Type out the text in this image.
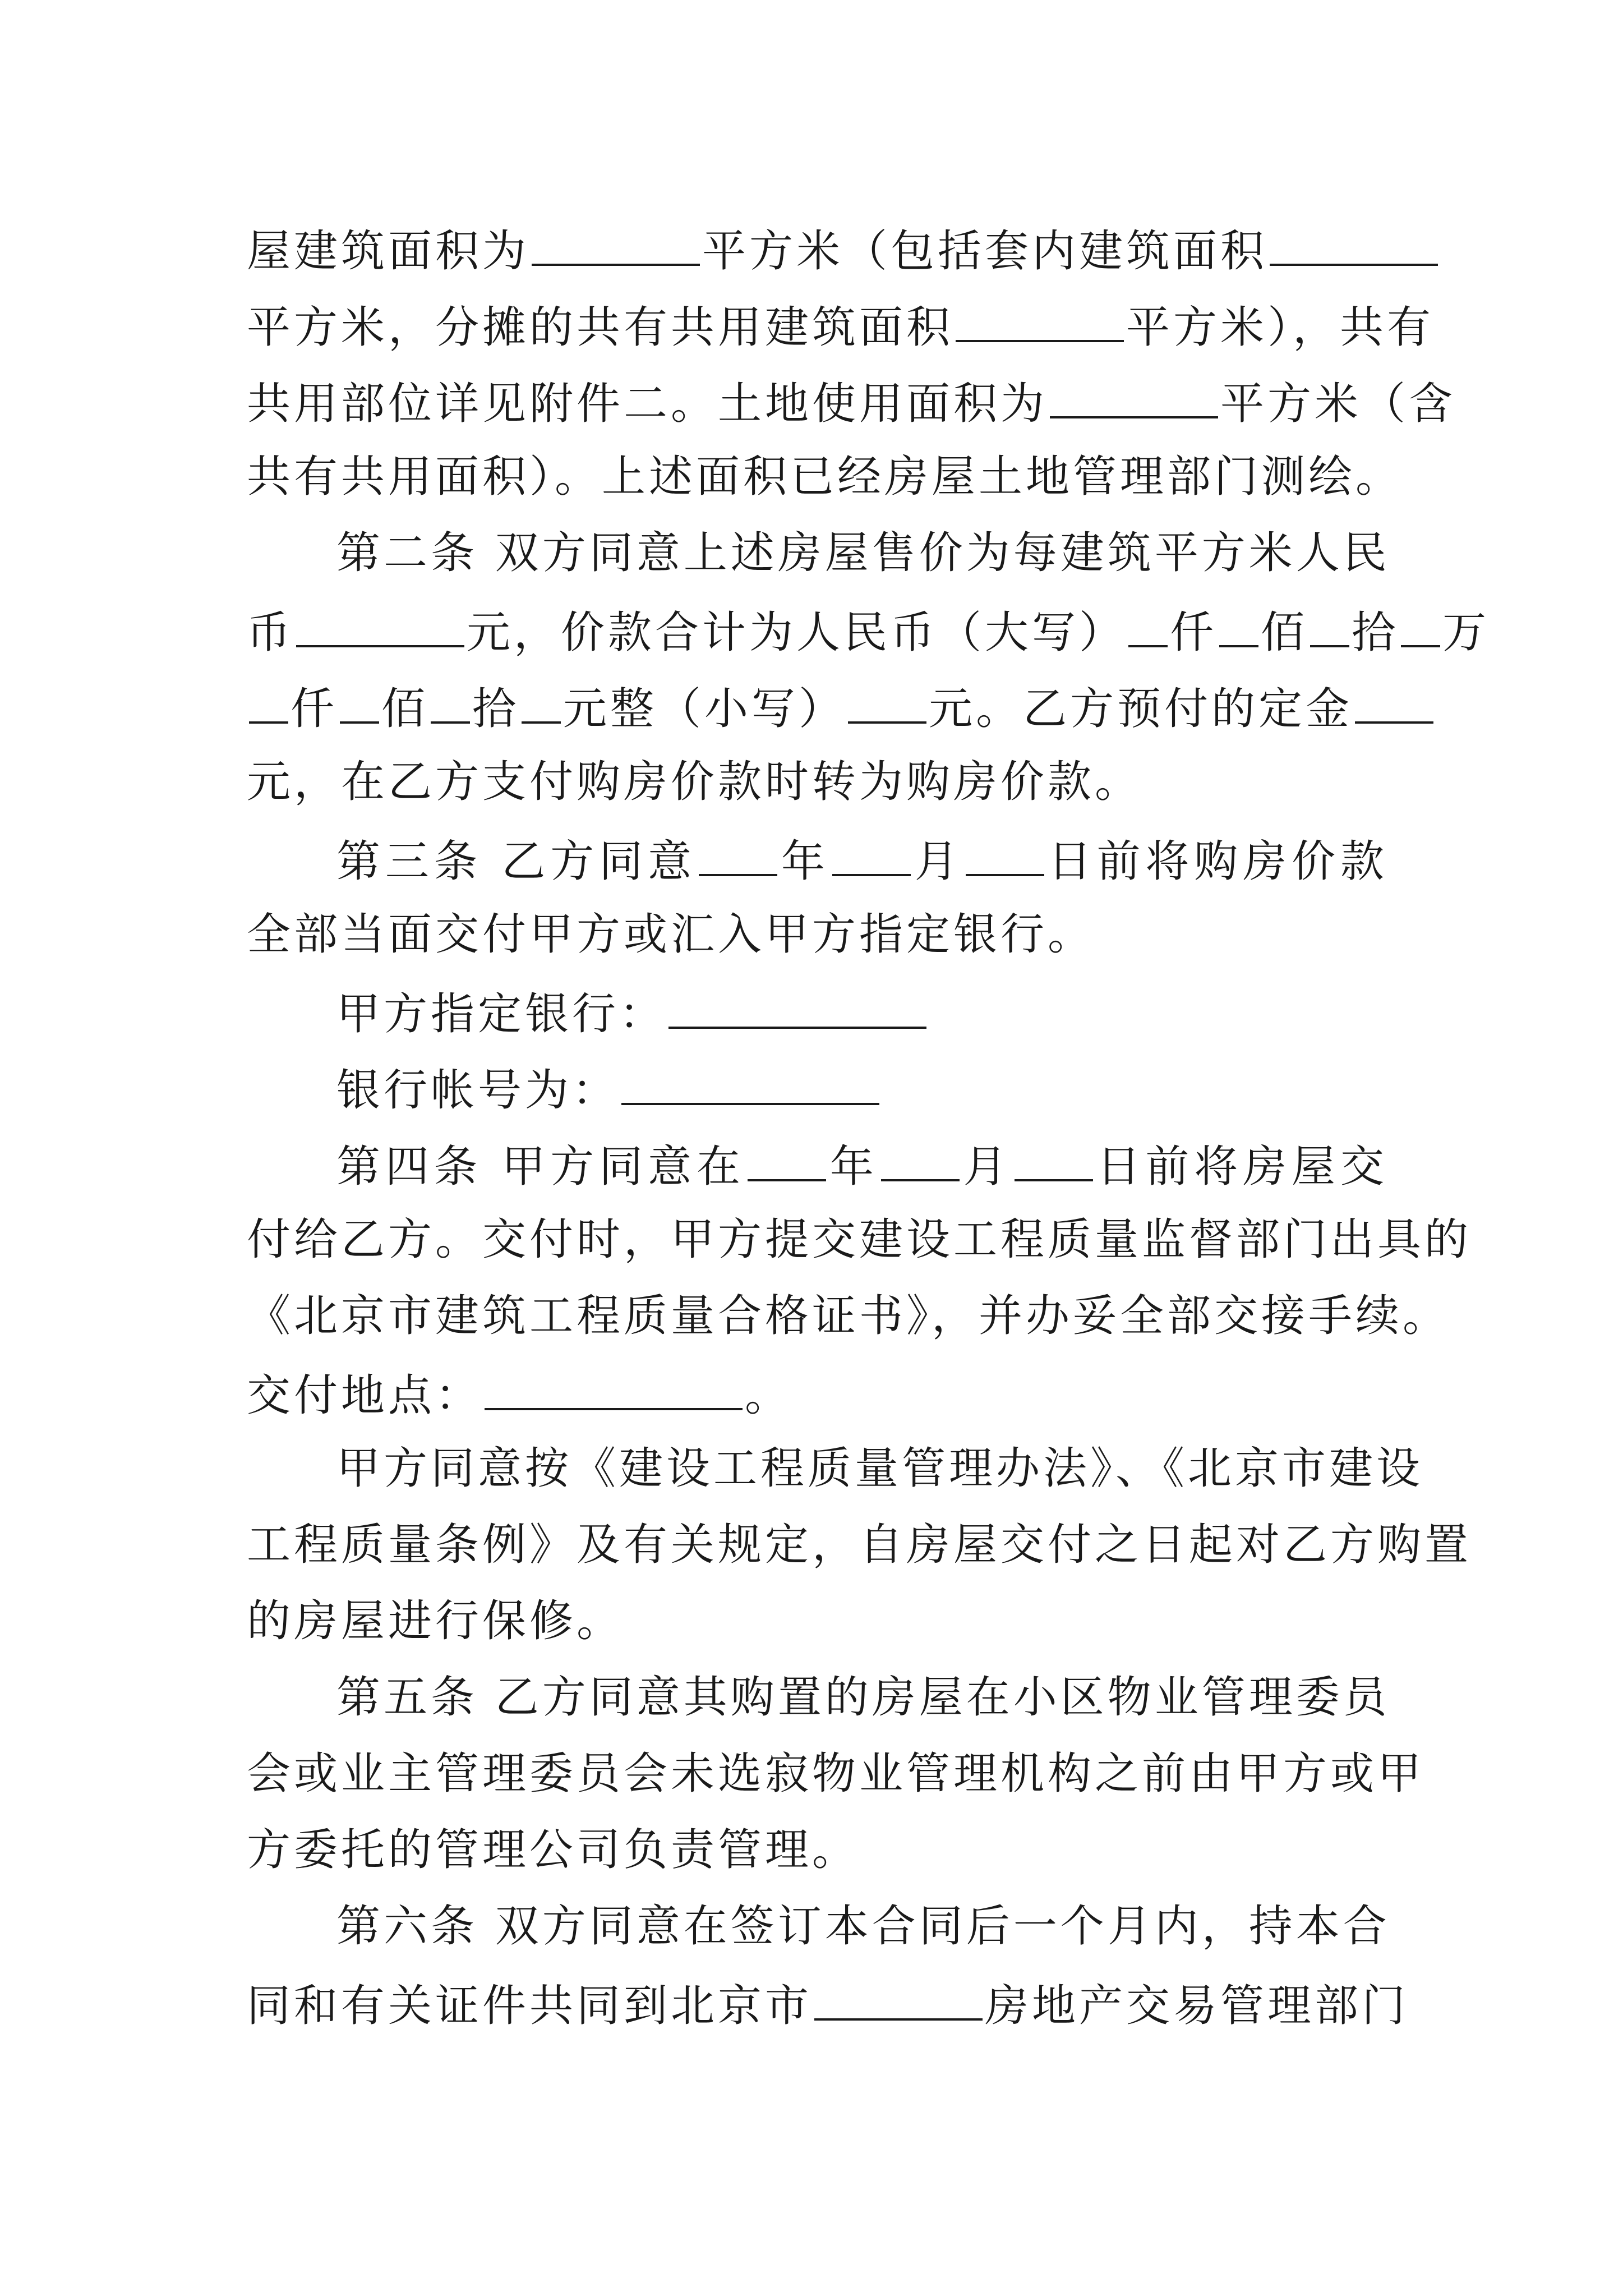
屋建筑面积为	平方米（包括套内建筑面积
平方米，分摊的共有共用建筑面积	平方米），共有
共用部位详见附件二。土地使用面积为	平方米（含
共有共用面积）。上述面积已经房屋土地管理部门测绘。
第二条 双方同意上述房屋售价为每建筑平方米人民
币	元，价款合计为人民币（大写） 仟 佰 拾 万
仟 佰 拾 元整（小写） 元。乙方预付的定金
元，在乙方支付购房价款时转为购房价款。
第三条 乙方同意 年 月 日前将购房价款
全部当面交付甲方或汇入甲方指定银行。
甲方指定银行：
银行帐号为：
第四条 甲方同意在 年 月 日前将房屋交
付给乙方。交付时，甲方提交建设工程质量监督部门出具的
《北京市建筑工程质量合格证书》，并办妥全部交接手续。
交付地点：	。
甲方同意按《建设工程质量管理办法》、《北京市建设
工程质量条例》及有关规定，自房屋交付之日起对乙方购置
的房屋进行保修。
第五条 乙方同意其购置的房屋在小区物业管理委员
会或业主管理委员会未选寂物业管理机构之前由甲方或甲
方委托的管理公司负责管理。
第六条 双方同意在签订本合同后一个月内，持本合
同和有关证件共同到北京市	房地产交易管理部门
